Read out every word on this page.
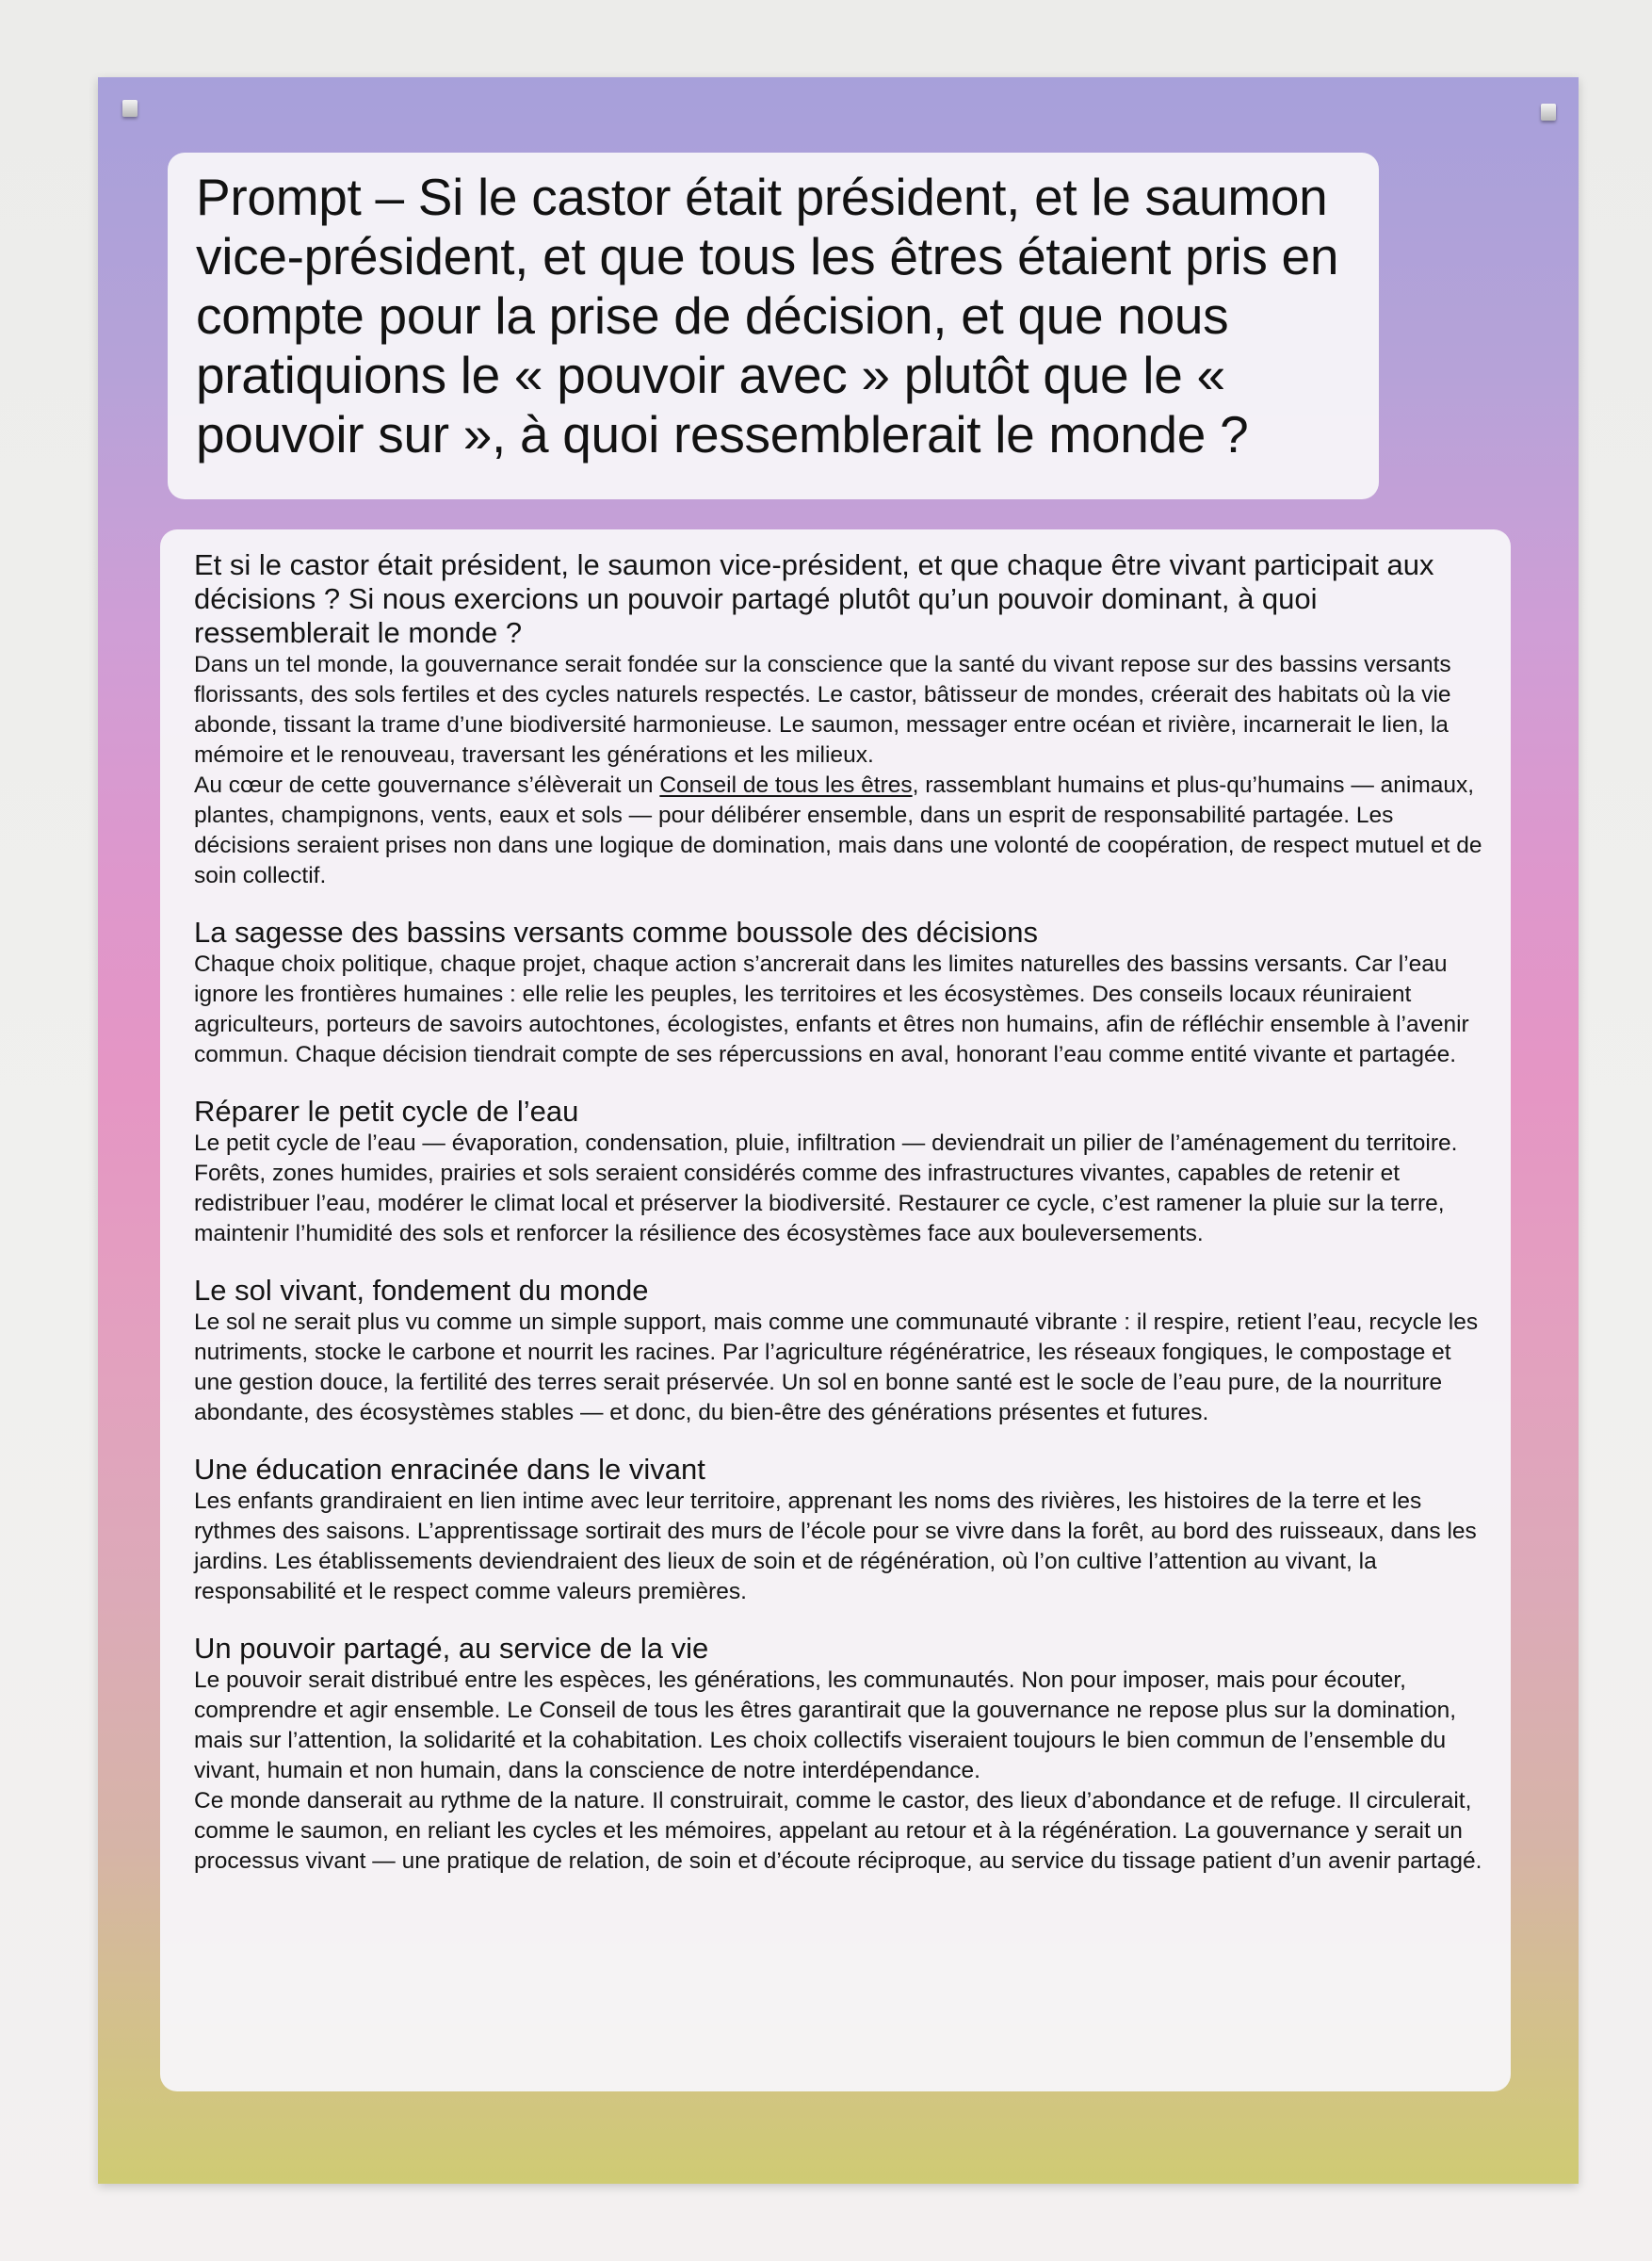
Prompt – Si le castor était président, et le saumon vice-président, et que tous les êtres étaient pris en compte pour la prise de décision, et que nous pratiquions le « pouvoir avec » plutôt que le « pouvoir sur », à quoi ressemblerait le monde ?

Et si le castor était président, le saumon vice-président, et que chaque être vivant participait aux décisions ? Si nous exercions un pouvoir partagé plutôt qu’un pouvoir dominant, à quoi ressemblerait le monde ?

Dans un tel monde, la gouvernance serait fondée sur la conscience que la santé du vivant repose sur des bassins versants florissants, des sols fertiles et des cycles naturels respectés. Le castor, bâtisseur de mondes, créerait des habitats où la vie abonde, tissant la trame d’une biodiversité harmonieuse. Le saumon, messager entre océan et rivière, incarnerait le lien, la mémoire et le renouveau, traversant les générations et les milieux.

Au cœur de cette gouvernance s’élèverait un Conseil de tous les êtres, rassemblant humains et plus-qu’humains — animaux, plantes, champignons, vents, eaux et sols — pour délibérer ensemble, dans un esprit de responsabilité partagée. Les décisions seraient prises non dans une logique de domination, mais dans une volonté de coopération, de respect mutuel et de soin collectif.

La sagesse des bassins versants comme boussole des décisions

Chaque choix politique, chaque projet, chaque action s’ancrerait dans les limites naturelles des bassins versants. Car l’eau ignore les frontières humaines : elle relie les peuples, les territoires et les écosystèmes. Des conseils locaux réuniraient agriculteurs, porteurs de savoirs autochtones, écologistes, enfants et êtres non humains, afin de réfléchir ensemble à l’avenir commun. Chaque décision tiendrait compte de ses répercussions en aval, honorant l’eau comme entité vivante et partagée.

Réparer le petit cycle de l’eau

Le petit cycle de l’eau — évaporation, condensation, pluie, infiltration — deviendrait un pilier de l’aménagement du territoire. Forêts, zones humides, prairies et sols seraient considérés comme des infrastructures vivantes, capables de retenir et redistribuer l’eau, modérer le climat local et préserver la biodiversité. Restaurer ce cycle, c’est ramener la pluie sur la terre, maintenir l’humidité des sols et renforcer la résilience des écosystèmes face aux bouleversements.

Le sol vivant, fondement du monde

Le sol ne serait plus vu comme un simple support, mais comme une communauté vibrante : il respire, retient l’eau, recycle les nutriments, stocke le carbone et nourrit les racines. Par l’agriculture régénératrice, les réseaux fongiques, le compostage et une gestion douce, la fertilité des terres serait préservée. Un sol en bonne santé est le socle de l’eau pure, de la nourriture abondante, des écosystèmes stables — et donc, du bien-être des générations présentes et futures.

Une éducation enracinée dans le vivant

Les enfants grandiraient en lien intime avec leur territoire, apprenant les noms des rivières, les histoires de la terre et les rythmes des saisons. L’apprentissage sortirait des murs de l’école pour se vivre dans la forêt, au bord des ruisseaux, dans les jardins. Les établissements deviendraient des lieux de soin et de régénération, où l’on cultive l’attention au vivant, la responsabilité et le respect comme valeurs premières.

Un pouvoir partagé, au service de la vie

Le pouvoir serait distribué entre les espèces, les générations, les communautés. Non pour imposer, mais pour écouter, comprendre et agir ensemble. Le Conseil de tous les êtres garantirait que la gouvernance ne repose plus sur la domination, mais sur l’attention, la solidarité et la cohabitation. Les choix collectifs viseraient toujours le bien commun de l’ensemble du vivant, humain et non humain, dans la conscience de notre interdépendance.

Ce monde danserait au rythme de la nature. Il construirait, comme le castor, des lieux d’abondance et de refuge. Il circulerait, comme le saumon, en reliant les cycles et les mémoires, appelant au retour et à la régénération. La gouvernance y serait un processus vivant — une pratique de relation, de soin et d’écoute réciproque, au service du tissage patient d’un avenir partagé.
